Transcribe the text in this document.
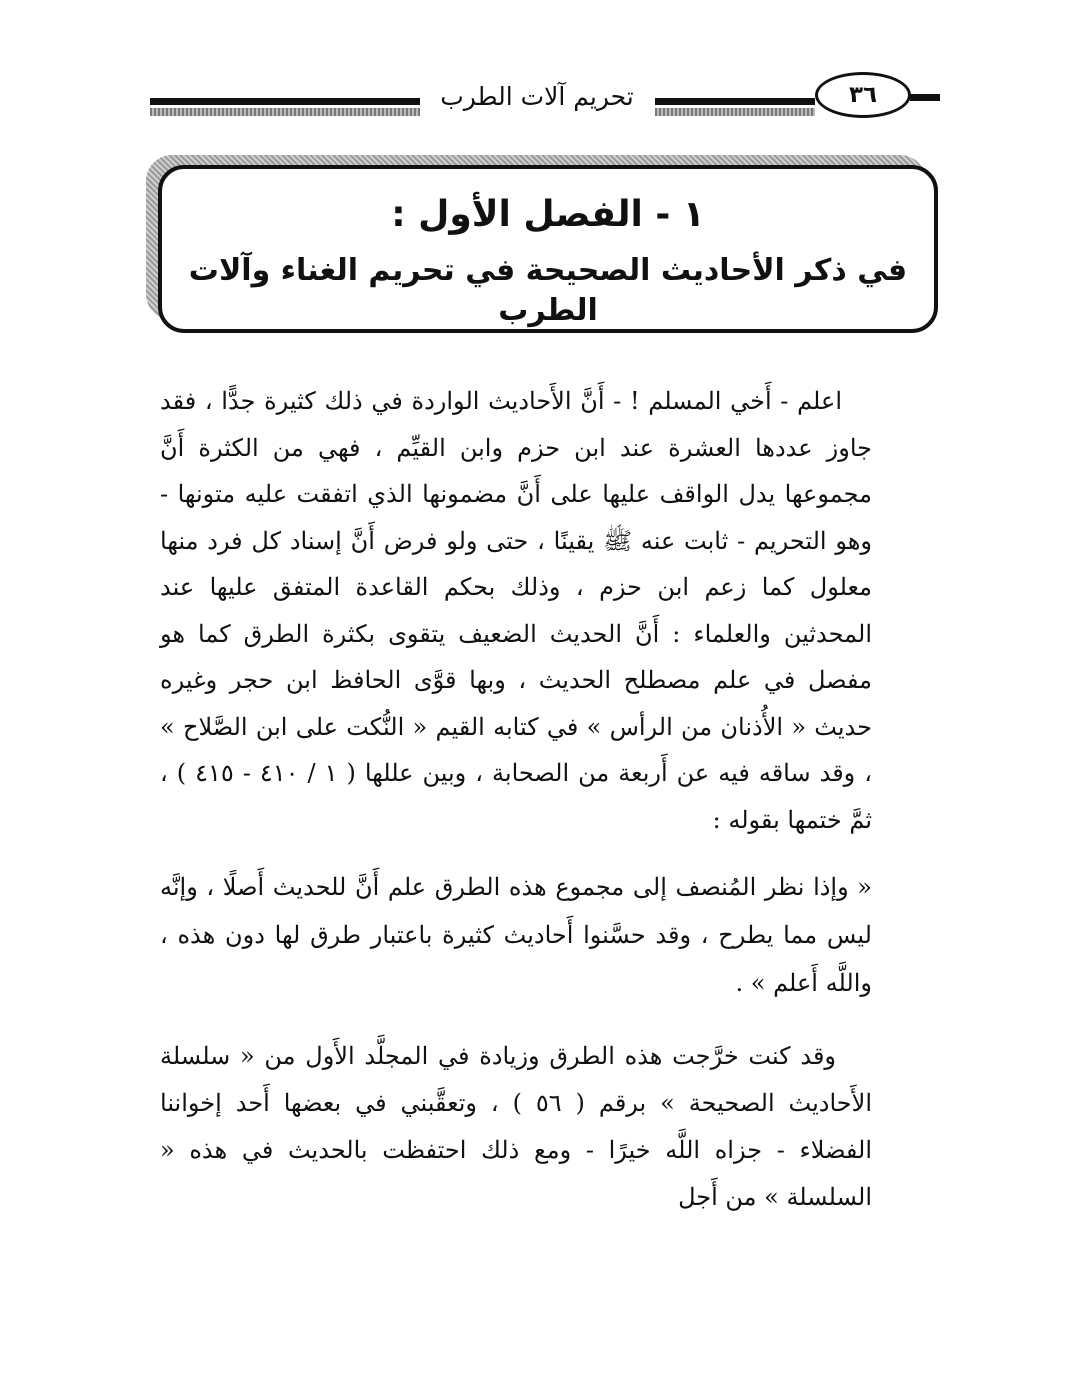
تحريم آلات الطرب	٣٦
١ - الفصل الأول :
في ذكر الأحاديث الصحيحة في تحريم الغناء وآلات الطرب

اعلم - أَخي المسلم ! - أَنَّ الأَحاديث الواردة في ذلك كثيرة جدًّا ، فقد جاوز عددها العشرة عند ابن حزم وابن القيِّم ، فهي من الكثرة أَنَّ مجموعها يدل الواقف عليها على أَنَّ مضمونها الذي اتفقت عليه متونها - وهو التحريم - ثابت عنه ﷺ يقينًا ، حتى ولو فرض أَنَّ إسناد كل فرد منها معلول كما زعم ابن حزم ، وذلك بحكم القاعدة المتفق عليها عند المحدثين والعلماء : أَنَّ الحديث الضعيف يتقوى بكثرة الطرق كما هو مفصل في علم مصطلح الحديث ، وبها قوَّى الحافظ ابن حجر وغيره حديث « الأُذنان من الرأس » في كتابه القيم « النُّكت على ابن الصَّلاح » ، وقد ساقه فيه عن أَربعة من الصحابة ، وبين عللها ( ١ / ٤١٠ - ٤١٥ ) ، ثمَّ ختمها بقوله :

« وإذا نظر المُنصف إلى مجموع هذه الطرق علم أَنَّ للحديث أَصلًا ، وإنَّه ليس مما يطرح ، وقد حسَّنوا أَحاديث كثيرة باعتبار طرق لها دون هذه ، واللَّه أَعلم » .

وقد كنت خرَّجت هذه الطرق وزيادة في المجلَّد الأَول من « سلسلة الأَحاديث الصحيحة » برقم ( ٥٦ ) ، وتعقَّبني في بعضها أَحد إخواننا الفضلاء - جزاه اللَّه خيرًا - ومع ذلك احتفظت بالحديث في هذه « السلسلة » من أَجل
